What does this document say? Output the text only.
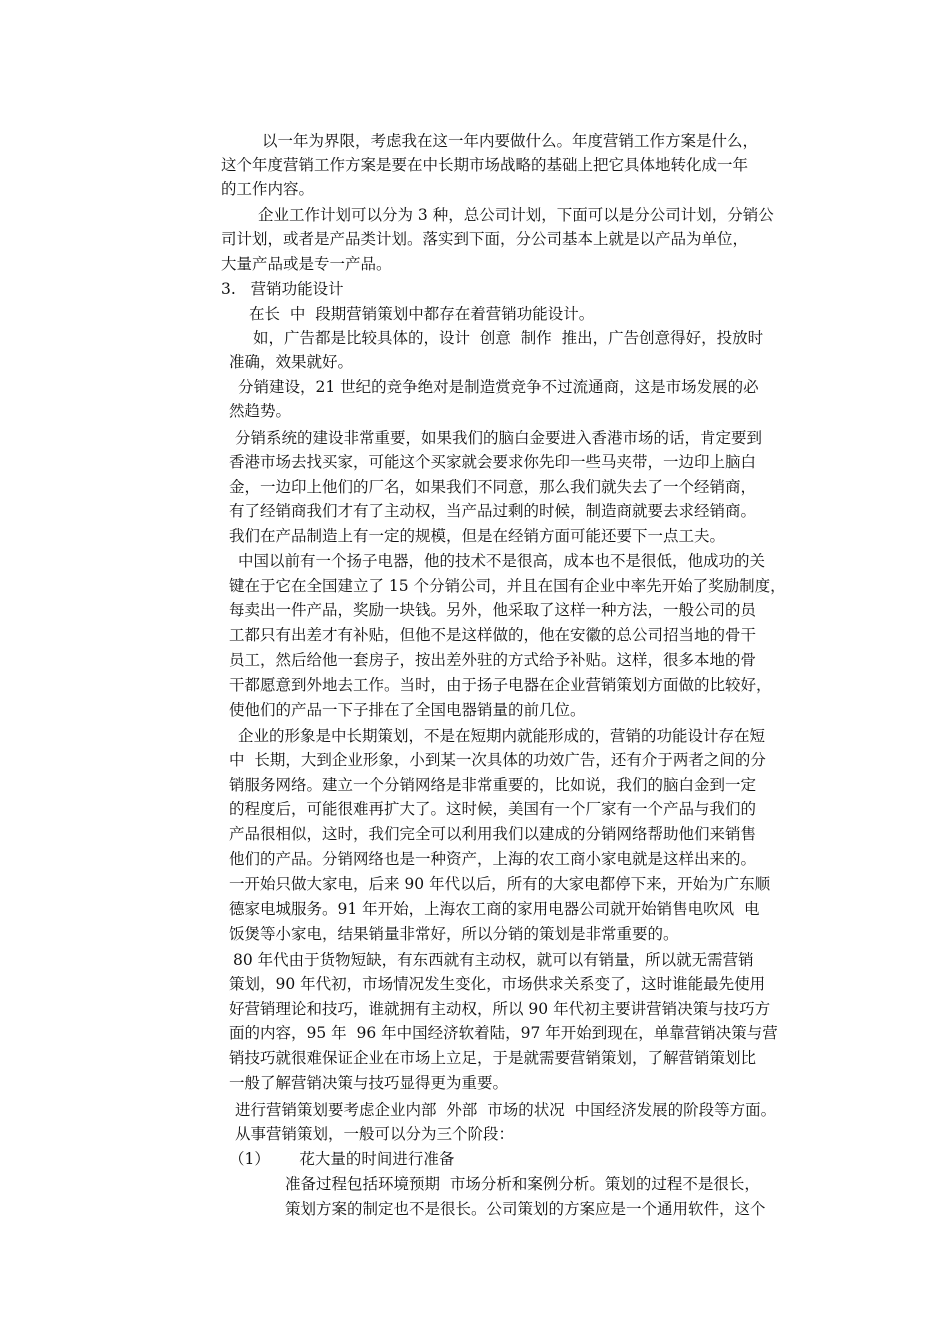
以一年为界限，考虑我在这一年内要做什么。年度营销工作方案是什么，
这个年度营销工作方案是要在中长期市场战略的基础上把它具体地转化成一年
的工作内容。
企业工作计划可以分为 3 种，总公司计划，下面可以是分公司计划，分销公
司计划，或者是产品类计划。落实到下面，分公司基本上就是以产品为单位，
大量产品或是专一产品。
3.   营销功能设计
在长  中  段期营销策划中都存在着营销功能设计。
如，广告都是比较具体的，设计  创意  制作  推出，广告创意得好，投放时
准确，效果就好。
分销建设，21 世纪的竞争绝对是制造赏竞争不过流通商，这是市场发展的必
然趋势。
分销系统的建设非常重要，如果我们的脑白金要进入香港市场的话，肯定要到
香港市场去找买家，可能这个买家就会要求你先印一些马夹带，一边印上脑白
金，一边印上他们的厂名，如果我们不同意，那么我们就失去了一个经销商，
有了经销商我们才有了主动权，当产品过剩的时候，制造商就要去求经销商。
我们在产品制造上有一定的规模，但是在经销方面可能还要下一点工夫。
中国以前有一个扬子电器，他的技术不是很高，成本也不是很低，他成功的关
键在于它在全国建立了 15 个分销公司，并且在国有企业中率先开始了奖励制度，
每卖出一件产品，奖励一块钱。另外，他采取了这样一种方法，一般公司的员
工都只有出差才有补贴，但他不是这样做的，他在安徽的总公司招当地的骨干
员工，然后给他一套房子，按出差外驻的方式给予补贴。这样，很多本地的骨
干都愿意到外地去工作。当时，由于扬子电器在企业营销策划方面做的比较好，
使他们的产品一下子排在了全国电器销量的前几位。
企业的形象是中长期策划，不是在短期内就能形成的，营销的功能设计存在短
中  长期，大到企业形象，小到某一次具体的功效广告，还有介于两者之间的分
销服务网络。建立一个分销网络是非常重要的，比如说，我们的脑白金到一定
的程度后，可能很难再扩大了。这时候，美国有一个厂家有一个产品与我们的
产品很相似，这时，我们完全可以利用我们以建成的分销网络帮助他们来销售
他们的产品。分销网络也是一种资产，上海的农工商小家电就是这样出来的。
一开始只做大家电，后来 90 年代以后，所有的大家电都停下来，开始为广东顺
德家电城服务。91 年开始，上海农工商的家用电器公司就开始销售电吹风  电
饭煲等小家电，结果销量非常好，所以分销的策划是非常重要的。
80 年代由于货物短缺，有东西就有主动权，就可以有销量，所以就无需营销
策划，90 年代初，市场情况发生变化，市场供求关系变了，这时谁能最先使用
好营销理论和技巧，谁就拥有主动权，所以 90 年代初主要讲营销决策与技巧方
面的内容，95 年  96 年中国经济软着陆，97 年开始到现在，单靠营销决策与营
销技巧就很难保证企业在市场上立足，于是就需要营销策划，了解营销策划比
一般了解营销决策与技巧显得更为重要。
进行营销策划要考虑企业内部  外部  市场的状况  中国经济发展的阶段等方面。
从事营销策划，一般可以分为三个阶段：
（1）      花大量的时间进行准备
准备过程包括环境预期  市场分析和案例分析。策划的过程不是很长，
策划方案的制定也不是很长。公司策划的方案应是一个通用软件，这个
